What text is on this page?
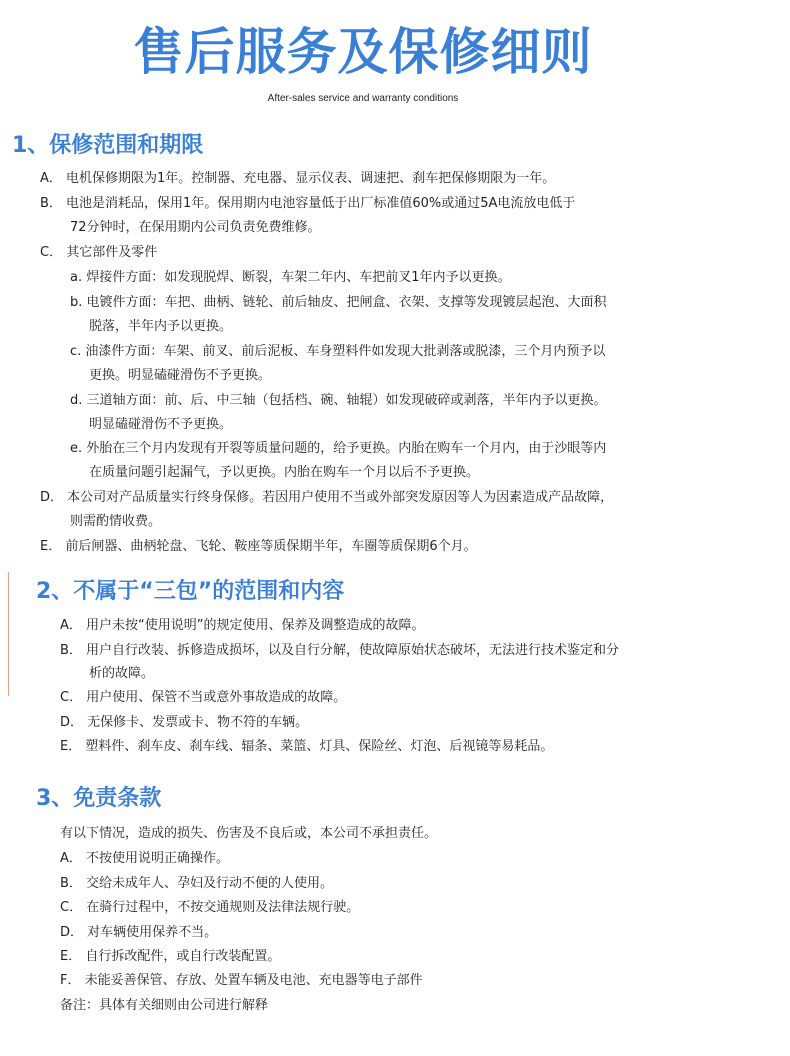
售后服务及保修细则
After-sales service and warranty conditions
1、保修范围和期限
A． 电机保修期限为1年。控制器、充电器、显示仪表、调速把、刹车把保修期限为一年。
B． 电池是消耗品，保用1年。保用期内电池容量低于出厂标准值60%或通过5A电流放电低于
72分钟时，在保用期内公司负责免费维修。
C． 其它部件及零件
a. 焊接件方面：如发现脱焊、断裂，车架二年内、车把前叉1年内予以更换。
b. 电镀件方面：车把、曲柄、链轮、前后轴皮、把闸盒、衣架、支撑等发现镀层起泡、大面积
脱落，半年内予以更换。
c. 油漆件方面：车架、前叉、前后泥板、车身塑料件如发现大批剥落或脱漆，三个月内预予以
更换。明显磕碰滑伤不予更换。
d. 三道轴方面：前、后、中三轴（包括档、碗、轴辊）如发现破碎或剥落，半年内予以更换。
明显磕碰滑伤不予更换。
e. 外胎在三个月内发现有开裂等质量问题的，给予更换。内胎在购车一个月内，由于沙眼等内
在质量问题引起漏气，予以更换。内胎在购车一个月以后不予更换。
D． 本公司对产品质量实行终身保修。若因用户使用不当或外部突发原因等人为因素造成产品故障，
则需酌情收费。
E． 前后闸器、曲柄轮盘、飞轮、鞍座等质保期半年，车圈等质保期6个月。
2、不属于“三包”的范围和内容
A． 用户未按“使用说明”的规定使用、保养及调整造成的故障。
B． 用户自行改装、拆修造成损坏，以及自行分解，使故障原始状态破坏，无法进行技术鉴定和分
析的故障。
C． 用户使用、保管不当或意外事故造成的故障。
D． 无保修卡、发票或卡、物不符的车辆。
E． 塑料件、刹车皮、刹车线、辐条、菜篮、灯具、保险丝、灯泡、后视镜等易耗品。
3、免责条款
有以下情况，造成的损失、伤害及不良后或，本公司不承担责任。
A． 不按使用说明正确操作。
B． 交给未成年人、孕妇及行动不便的人使用。
C． 在骑行过程中，不按交通规则及法律法规行驶。
D． 对车辆使用保养不当。
E． 自行拆改配件，或自行改装配置。
F． 未能妥善保管、存放、处置车辆及电池、充电器等电子部件
备注：具体有关细则由公司进行解释
